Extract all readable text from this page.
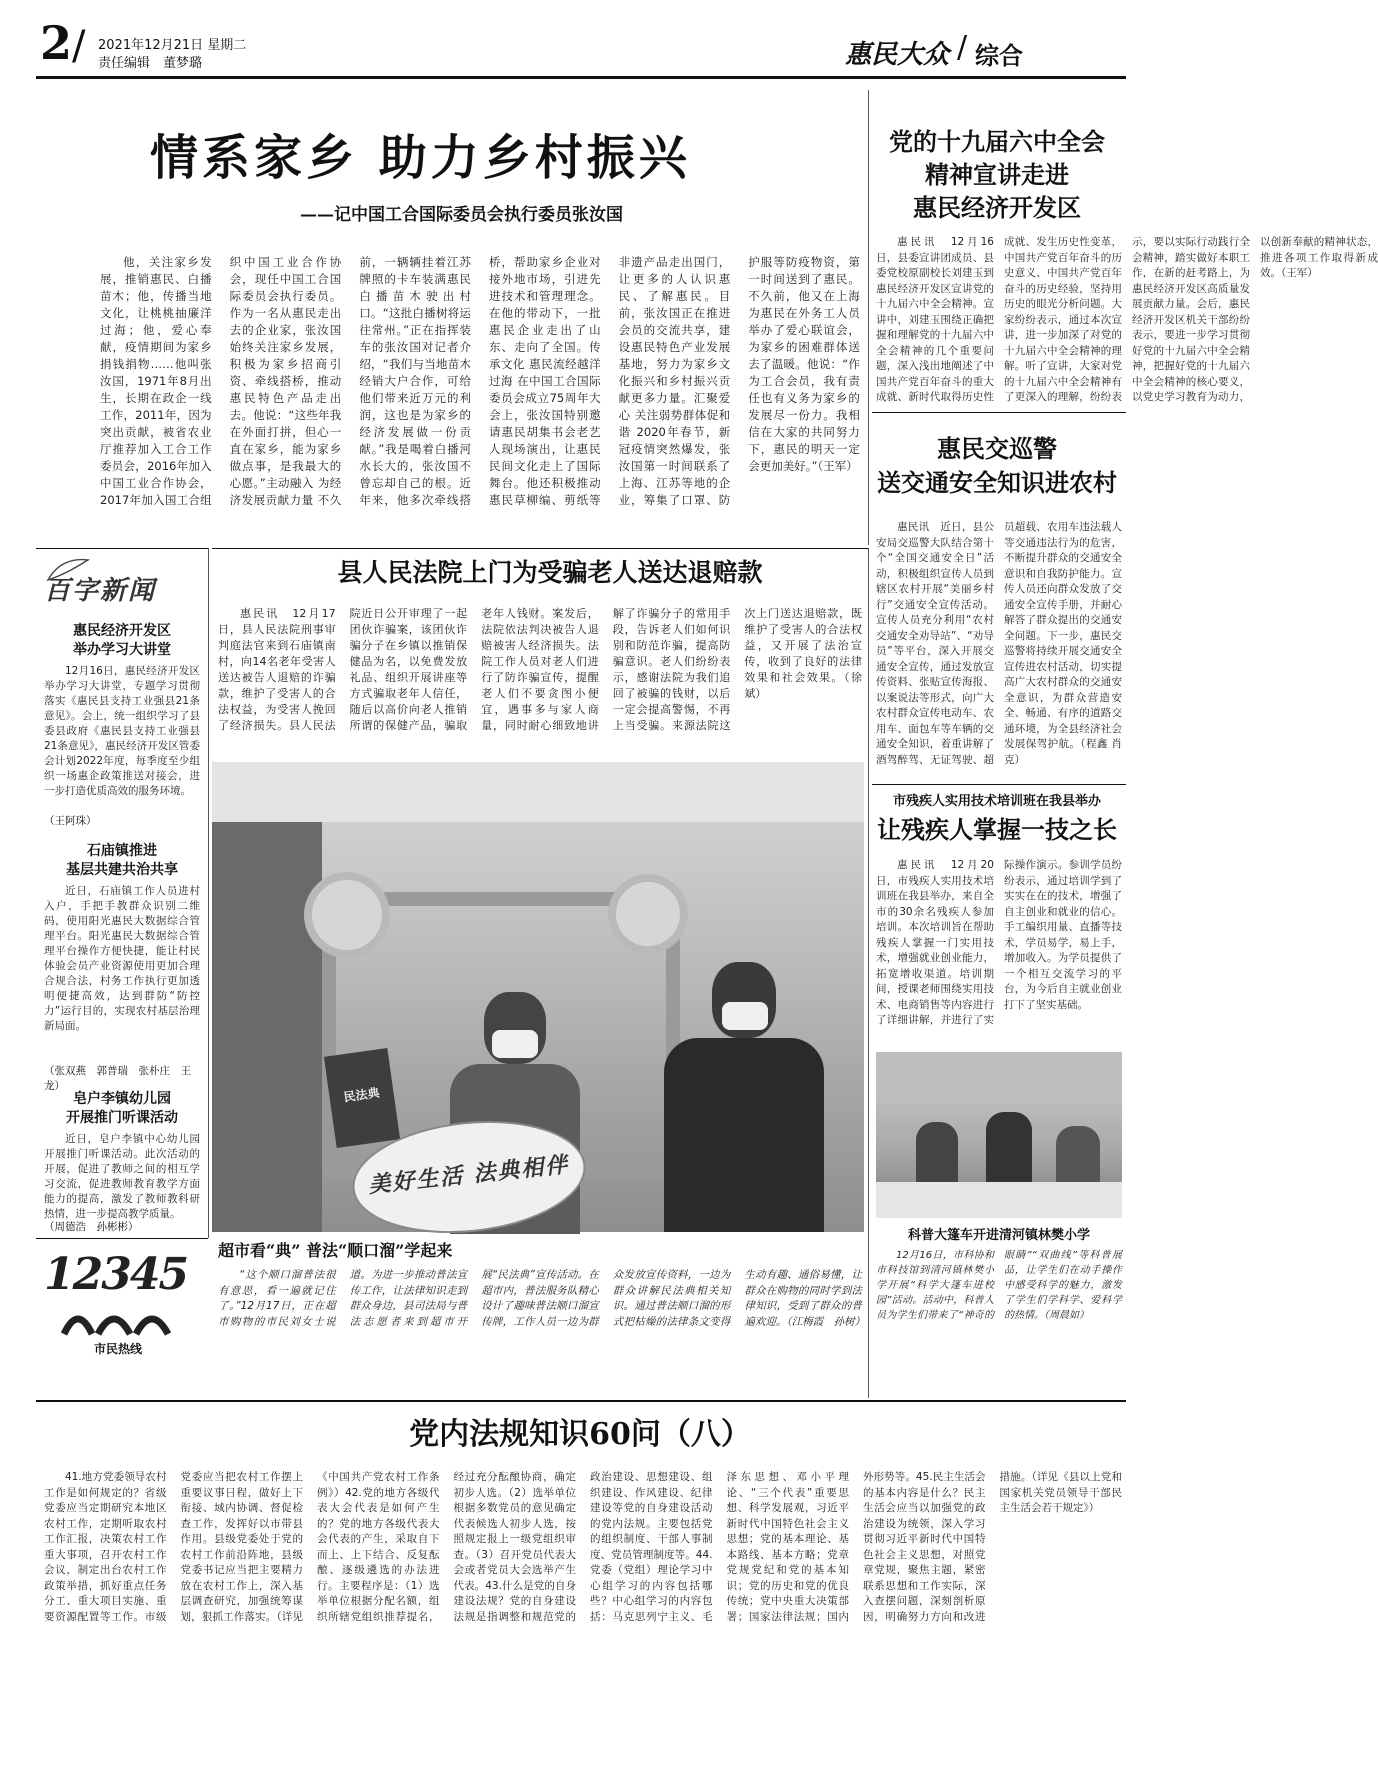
2 / 2021年12月21日 星期二
责任编辑　董梦璐	惠民大众 / 综合
情系家乡 助力乡村振兴
——记中国工合国际委员会执行委员张汝国

他，关注家乡发展，推销惠民、白播苗木；他，传播当地文化，让桃桃抽廉洋过海；他，爱心奉献，疫情期间为家乡捐钱捐物……他叫张汝国，1971年8月出生，长期在政企一线工作，2011年，因为突出贡献，被省农业厅推荐加入工合工作委员会，2016年加入中国工业合作协会，2017年加入国工合组织中国工业合作协会，现任中国工合国际委员会执行委员。作为一名从惠民走出去的企业家，张汝国始终关注家乡发展，积极为家乡招商引资、牵线搭桥，推动惠民特色产品走出去。他说：“这些年我在外面打拼，但心一直在家乡，能为家乡做点事，是我最大的心愿。”主动融入 为经济发展贡献力量 不久前，一辆辆挂着江苏牌照的卡车装满惠民白播苗木驶出村口。“这批白播树将运往常州。”正在指挥装车的张汝国对记者介绍，“我们与当地苗木经销大户合作，可给他们带来近万元的利润，这也是为家乡的经济发展做一份贡献。”我是喝着白播河水长大的，张汝国不曾忘却自己的根。近年来，他多次牵线搭桥，帮助家乡企业对接外地市场，引进先进技术和管理理念。在他的带动下，一批惠民企业走出了山东、走向了全国。传承文化 惠民流经越洋过海 在中国工合国际委员会成立75周年大会上，张汝国特别邀请惠民胡集书会老艺人现场演出，让惠民民间文化走上了国际舞台。他还积极推动惠民草柳编、剪纸等非遗产品走出国门，让更多的人认识惠民、了解惠民。目前，张汝国正在推进会员的交流共享，建设惠民特色产业发展基地，努力为家乡文化振兴和乡村振兴贡献更多力量。汇聚爱心 关注弱势群体促和谐 2020年春节，新冠疫情突然爆发，张汝国第一时间联系了上海、江苏等地的企业，筹集了口罩、防护服等防疫物资，第一时间送到了惠民。不久前，他又在上海为惠民在外务工人员举办了爱心联谊会，为家乡的困难群体送去了温暖。他说：“作为工合会员，我有责任也有义务为家乡的发展尽一份力。我相信在大家的共同努力下，惠民的明天一定会更加美好。”（王军）

党的十九届六中全会
精神宣讲走进
惠民经济开发区

惠民讯　12月16日，县委宣讲团成员、县委党校原副校长刘建玉到惠民经济开发区宣讲党的十九届六中全会精神。宣讲中，刘建玉围绕正确把握和理解党的十九届六中全会精神的几个重要问题，深入浅出地阐述了中国共产党百年奋斗的重大成就、新时代取得历史性成就、发生历史性变革，中国共产党百年奋斗的历史意义、中国共产党百年奋斗的历史经验，坚持用历史的眼光分析问题。大家纷纷表示，通过本次宣讲，进一步加深了对党的十九届六中全会精神的理解。听了宣讲，大家对党的十九届六中全会精神有了更深入的理解，纷纷表示，要以实际行动践行全会精神，踏实做好本职工作，在新的赶考路上，为惠民经济开发区高质量发展贡献力量。会后，惠民经济开发区机关干部纷纷表示，要进一步学习贯彻好党的十九届六中全会精神，把握好党的十九届六中全会精神的核心要义，以党史学习教育为动力，以创新奉献的精神状态，推进各项工作取得新成效。（王军）

惠民交巡警
送交通安全知识进农村

惠民讯　近日，县公安局交巡警大队结合第十个“全国交通安全日”活动，积极组织宣传人员到辖区农村开展“美丽乡村行”交通安全宣传活动。宣传人员充分利用“农村交通安全劝导站”、“劝导员”等平台，深入开展交通安全宣传，通过发放宣传资料、张贴宣传海报、以案说法等形式，向广大农村群众宣传电动车、农用车、面包车等车辆的交通安全知识，着重讲解了酒驾醉驾、无证驾驶、超员超载、农用车违法载人等交通违法行为的危害，不断提升群众的交通安全意识和自我防护能力。宣传人员还向群众发放了交通安全宣传手册，并耐心解答了群众提出的交通安全问题。下一步，惠民交巡警将持续开展交通安全宣传进农村活动，切实提高广大农村群众的交通安全意识，为群众营造安全、畅通、有序的道路交通环境，为全县经济社会发展保驾护航。（程鑫 肖克）

百字新闻
惠民经济开发区
举办学习大讲堂

12月16日，惠民经济开发区举办学习大讲堂，专题学习贯彻落实《惠民县支持工业强县21条意见》。会上，统一组织学习了县委县政府《惠民县支持工业强县21条意见》，惠民经济开发区管委会计划2022年度，每季度至少组织一场惠企政策推送对接会，进一步打造优质高效的服务环境。

（王阿珠）
石庙镇推进
基层共建共治共享

近日，石庙镇工作人员进村入户，手把手教群众识别二维码，使用阳光惠民大数据综合管理平台。阳光惠民大数据综合管理平台操作方便快捷，能让村民体验会员产业资源使用更加合理合规合法，村务工作执行更加透明便捷高效，达到群防“防控力”运行目的，实现农村基层治理新局面。

（张双燕　郭普瑞　张朴庄　王龙）
皂户李镇幼儿园
开展推门听课活动

近日，皂户李镇中心幼儿园开展推门听课活动。此次活动的开展，促进了教师之间的相互学习交流，促进教师教育教学方面能力的提高，激发了教师教科研热情，进一步提高教学质量。

（周德浩　孙彬彬）
12345
市民热线
县人民法院上门为受骗老人送达退赔款

惠民讯　12月17日，县人民法院刑事审判庭法官来到石庙镇南村，向14名老年受害人送达被告人退赔的诈骗款，维护了受害人的合法权益，为受害人挽回了经济损失。县人民法院近日公开审理了一起团伙诈骗案，该团伙诈骗分子在乡镇以推销保健品为名，以免费发放礼品、组织开展讲座等方式骗取老年人信任，随后以高价向老人推销所谓的保健产品，骗取老年人钱财。案发后，法院依法判决被告人退赔被害人经济损失。法院工作人员对老人们进行了防诈骗宣传，提醒老人们不要贪图小便宜，遇事多与家人商量，同时耐心细致地讲解了诈骗分子的常用手段，告诉老人们如何识别和防范诈骗，提高防骗意识。老人们纷纷表示，感谢法院为我们追回了被骗的钱财，以后一定会提高警惕，不再上当受骗。来源法院这次上门送达退赔款，既维护了受害人的合法权益，又开展了法治宣传，收到了良好的法律效果和社会效果。（徐斌）

民法典
美好生活 法典相伴
超市看“典” 普法“顺口溜”学起来

“这个顺口溜普法很有意思，看一遍就记住了。”12月17日，正在超市购物的市民刘女士说道。为进一步推动普法宣传工作，让法律知识走到群众身边，县司法局与普法志愿者来到超市开展“民法典”宣传活动。在超市内，普法服务队精心设计了趣味普法顺口溜宣传牌，工作人员一边为群众发放宣传资料，一边为群众讲解民法典相关知识。通过普法顺口溜的形式把枯燥的法律条文变得生动有趣、通俗易懂，让群众在购物的同时学到法律知识，受到了群众的普遍欢迎。（江梅霞　孙树）

市残疾人实用技术培训班在我县举办
让残疾人掌握一技之长

惠民讯　12月20日，市残疾人实用技术培训班在我县举办，来自全市的30余名残疾人参加培训。本次培训旨在帮助残疾人掌握一门实用技术，增强就业创业能力，拓宽增收渠道。培训期间，授课老师围绕实用技术、电商销售等内容进行了详细讲解，并进行了实际操作演示。参训学员纷纷表示，通过培训学到了实实在在的技术，增强了自主创业和就业的信心。手工编织用量、直播等技术，学员易学，易上手，增加收入。为学员提供了一个相互交流学习的平台，为今后自主就业创业打下了坚实基础。

科普大篷车开进清河镇林樊小学

12月16日，市科协和市科技馆到清河镇林樊小学开展“科学大篷车进校园”活动。活动中，科普人员为学生们带来了“神奇的眼睛”“双曲线”等科普展品，让学生们在动手操作中感受科学的魅力，激发了学生们学科学、爱科学的热情。（周晨如）

党内法规知识60问（八）

41.地方党委领导农村工作是如何规定的？省级党委应当定期研究本地区农村工作，定期听取农村工作汇报，决策农村工作重大事项，召开农村工作会议，制定出台农村工作政策举措，抓好重点任务分工、重大项目实施、重要资源配置等工作。市级党委应当把农村工作摆上重要议事日程，做好上下衔接、域内协调、督促检查工作，发挥好以市带县作用。县级党委处于党的农村工作前沿阵地，县级党委书记应当把主要精力放在农村工作上，深入基层调查研究，加强统筹谋划，狠抓工作落实。（详见《中国共产党农村工作条例》）42.党的地方各级代表大会代表是如何产生的？党的地方各级代表大会代表的产生，采取自下而上、上下结合、反复酝酿、逐级遴选的办法进行。主要程序是：（1）选举单位根据分配名额，组织所辖党组织推荐提名，经过充分酝酿协商，确定初步人选。（2）选举单位根据多数党员的意见确定代表候选人初步人选，按照规定报上一级党组织审查。（3）召开党员代表大会或者党员大会选举产生代表。43.什么是党的自身建设法规？党的自身建设法规是指调整和规范党的政治建设、思想建设、组织建设、作风建设、纪律建设等党的自身建设活动的党内法规。主要包括党的组织制度、干部人事制度、党员管理制度等。44.党委（党组）理论学习中心组学习的内容包括哪些？中心组学习的内容包括：马克思列宁主义、毛泽东思想、邓小平理论、“三个代表”重要思想、科学发展观，习近平新时代中国特色社会主义思想；党的基本理论、基本路线、基本方略；党章党规党纪和党的基本知识；党的历史和党的优良传统；党中央重大决策部署；国家法律法规；国内外形势等。45.民主生活会的基本内容是什么？民主生活会应当以加强党的政治建设为统领，深入学习贯彻习近平新时代中国特色社会主义思想，对照党章党规，聚焦主题，紧密联系思想和工作实际，深入查摆问题，深刻剖析原因，明确努力方向和改进措施。（详见《县以上党和国家机关党员领导干部民主生活会若干规定》）
